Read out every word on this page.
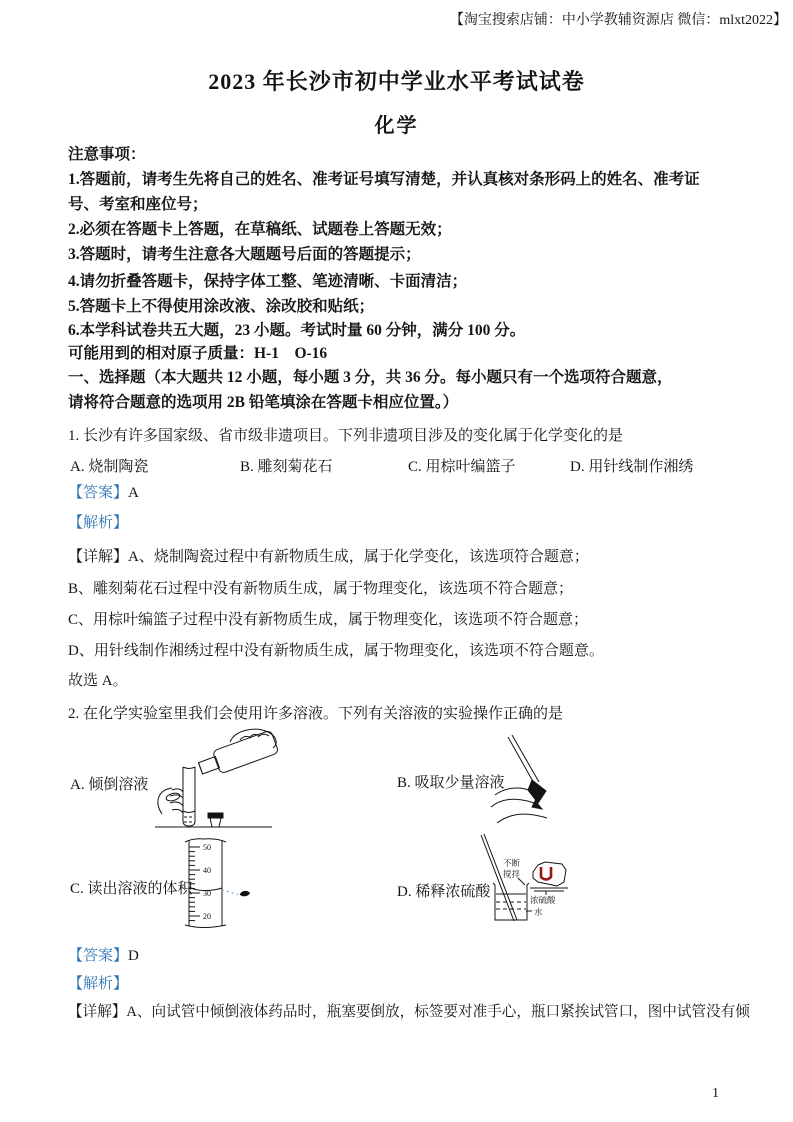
【淘宝搜索店铺：中小学教辅资源店 微信：mlxt2022】
2023 年长沙市初中学业水平考试试卷
化学
注意事项：
1.答题前，请考生先将自己的姓名、准考证号填写清楚，并认真核对条形码上的姓名、准考证
号、考室和座位号；
2.必须在答题卡上答题，在草稿纸、试题卷上答题无效；
3.答题时，请考生注意各大题题号后面的答题提示；
4.请勿折叠答题卡，保持字体工整、笔迹清晰、卡面清洁；
5.答题卡上不得使用涂改液、涂改胶和贴纸；
6.本学科试卷共五大题，23 小题。考试时量 60 分钟，满分 100 分。
可能用到的相对原子质量：H-1　O-16
一、选择题（本大题共 12 小题，每小题 3 分，共 36 分。每小题只有一个选项符合题意，
请将符合题意的选项用 2B 铅笔填涂在答题卡相应位置。）
1. 长沙有许多国家级、省市级非遗项目。下列非遗项目涉及的变化属于化学变化的是
A. 烧制陶瓷	B. 雕刻菊花石	C. 用棕叶编篮子	D. 用针线制作湘绣
【答案】A
【解析】
【详解】A、烧制陶瓷过程中有新物质生成，属于化学变化，该选项符合题意；
B、雕刻菊花石过程中没有新物质生成，属于物理变化，该选项不符合题意；
C、用棕叶编篮子过程中没有新物质生成，属于物理变化，该选项不符合题意；
D、用针线制作湘绣过程中没有新物质生成，属于物理变化，该选项不符合题意。
故选 A。
2. 在化学实验室里我们会使用许多溶液。下列有关溶液的实验操作正确的是
A. 倾倒溶液	B. 吸取少量溶液
C. 读出溶液的体积	D. 稀释浓硫酸
50
40
30
20
不断
搅拌
浓硫酸
水
【答案】D
【解析】
【详解】A、向试管中倾倒液体药品时，瓶塞要倒放，标签要对准手心，瓶口紧挨试管口，图中试管没有倾
1
